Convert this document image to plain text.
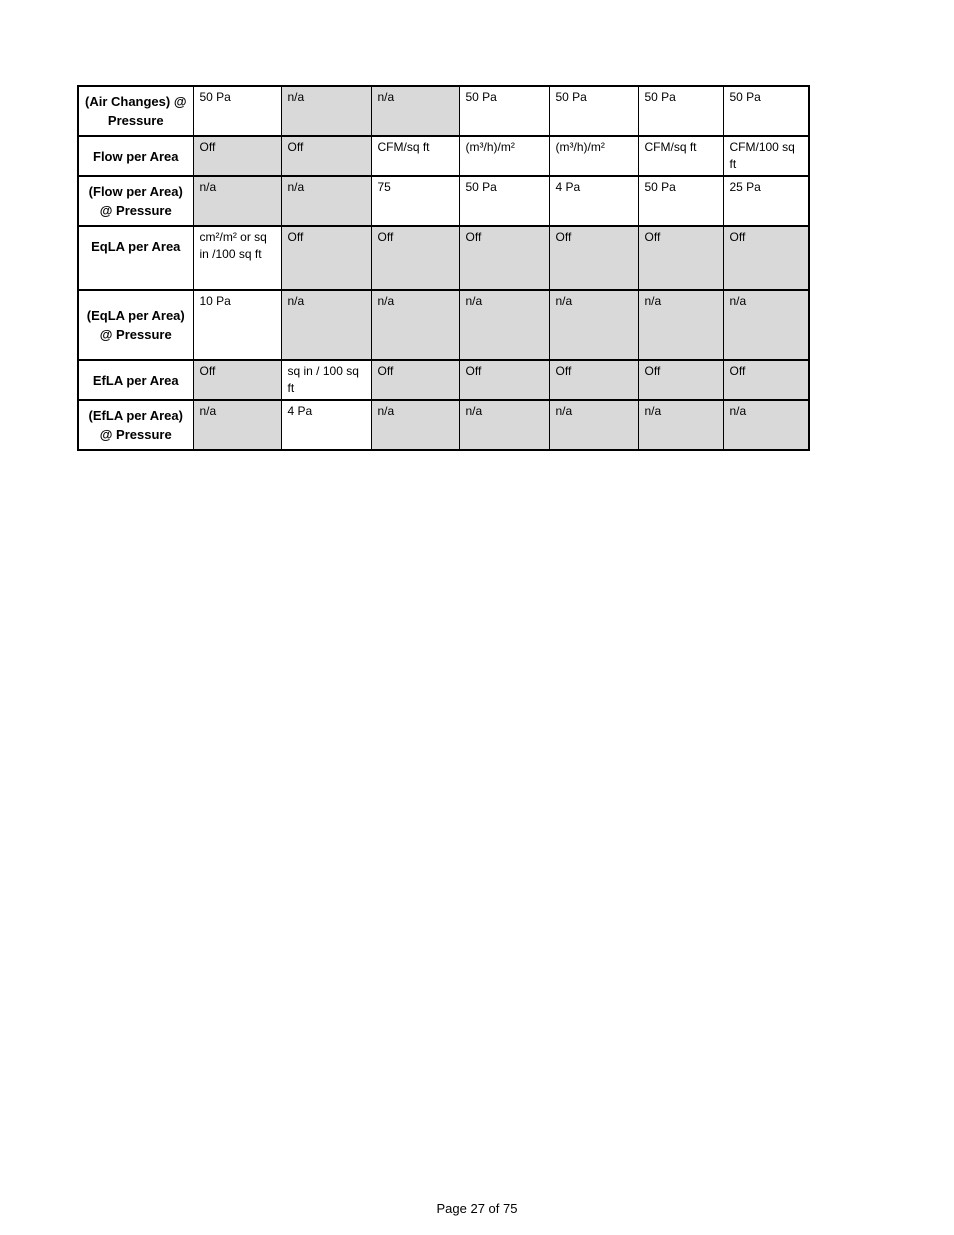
(Air Changes) @ Pressure	50 Pa	n/a	n/a	50 Pa	50 Pa	50 Pa	50 Pa
Flow per Area	Off	Off	CFM/sq ft	(m³/h)/m²	(m³/h)/m²	CFM/sq ft	CFM/100 sq ft
(Flow per Area) @ Pressure	n/a	n/a	75	50 Pa	4 Pa	50 Pa	25 Pa
EqLA per Area	cm²/m² or sq in /100 sq ft	Off	Off	Off	Off	Off	Off
(EqLA per Area) @ Pressure	10 Pa	n/a	n/a	n/a	n/a	n/a	n/a
EfLA per Area	Off	sq in / 100 sq ft	Off	Off	Off	Off	Off
(EfLA per Area) @ Pressure	n/a	4 Pa	n/a	n/a	n/a	n/a	n/a
Page 27 of 75
